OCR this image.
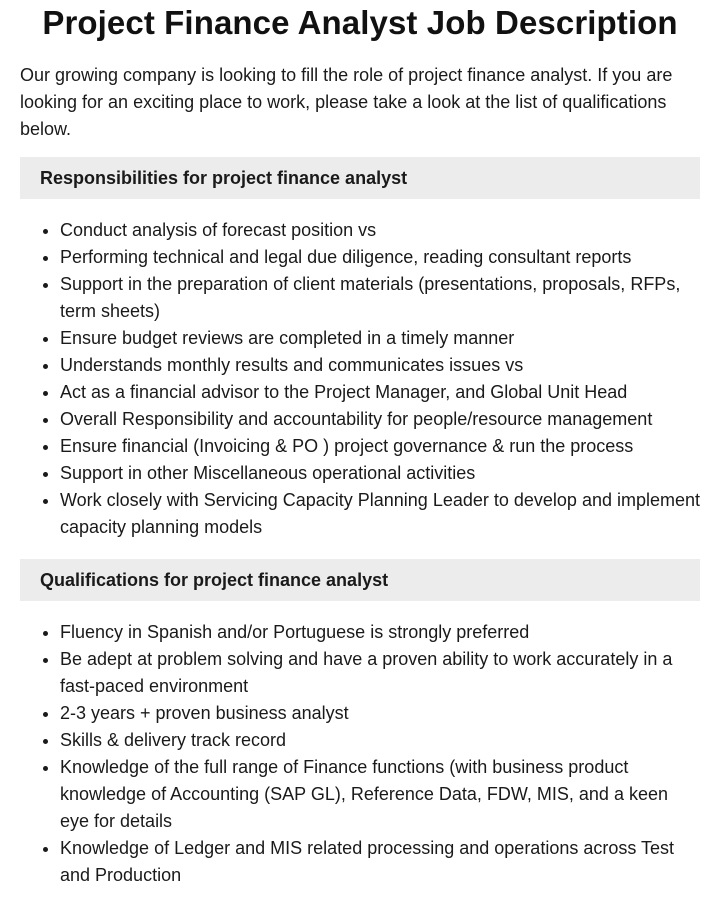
Project Finance Analyst Job Description

Our growing company is looking to fill the role of project finance analyst. If you are looking for an exciting place to work, please take a look at the list of qualifications below.

Responsibilities for project finance analyst
• Conduct analysis of forecast position vs
• Performing technical and legal due diligence, reading consultant reports
• Support in the preparation of client materials (presentations, proposals, RFPs, term sheets)
• Ensure budget reviews are completed in a timely manner
• Understands monthly results and communicates issues vs
• Act as a financial advisor to the Project Manager, and Global Unit Head
• Overall Responsibility and accountability for people/resource management
• Ensure financial (Invoicing & PO ) project governance & run the process
• Support in other Miscellaneous operational activities
• Work closely with Servicing Capacity Planning Leader to develop and implement capacity planning models
Qualifications for project finance analyst
• Fluency in Spanish and/or Portuguese is strongly preferred
• Be adept at problem solving and have a proven ability to work accurately in a fast-paced environment
• 2-3 years + proven business analyst
• Skills & delivery track record
• Knowledge of the full range of Finance functions (with business product knowledge of Accounting (SAP GL), Reference Data, FDW, MIS, and a keen eye for details
• Knowledge of Ledger and MIS related processing and operations across Test and Production
